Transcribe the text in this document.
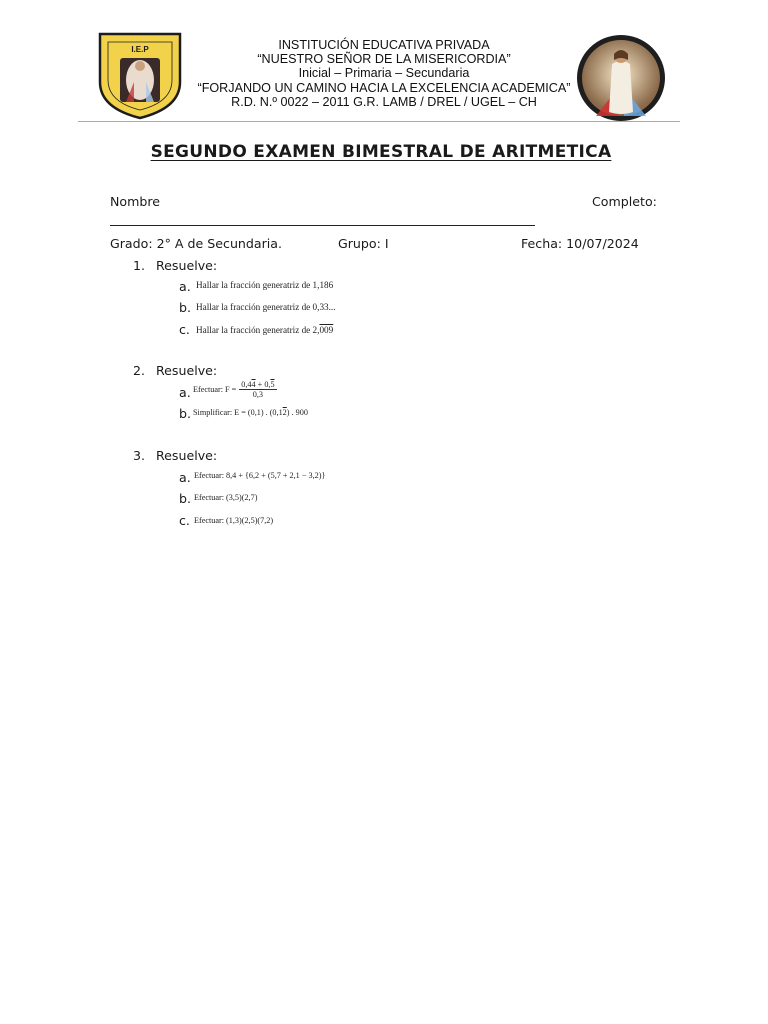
I.E.P	INSTITUCIÓN EDUCATIVA PRIVADA
“NUESTRO SEÑOR DE LA MISERICORDIA”
Inicial – Primaria – Secundaria
“FORJANDO UN CAMINO HACIA LA EXCELENCIA ACADEMICA”
R.D. N.º 0022 – 2011 G.R. LAMB / DREL / UGEL – CH
SEGUNDO EXAMEN BIMESTRAL DE ARITMETICA
Nombre	Completo:
Grado: 2° A de Secundaria.	Grupo: I	Fecha: 10/07/2024
1. Resuelve:
a. Hallar la fracción generatriz de 1,186
b. Hallar la fracción generatriz de 0,33...
c. Hallar la fracción generatriz de 2,009
2. Resuelve:
a. Efectuar: $F = \frac{0,44 + 0,5}{0,3}$
b. Simplificar: E = (0,1) . (0,12) . 900
3. Resuelve:
a. Efectuar: 8,4 + {6,2 + (5,7 + 2,1 − 3,2)}
b. Efectuar: (3,5)(2,7)
c. Efectuar: (1,3)(2,5)(7,2)
